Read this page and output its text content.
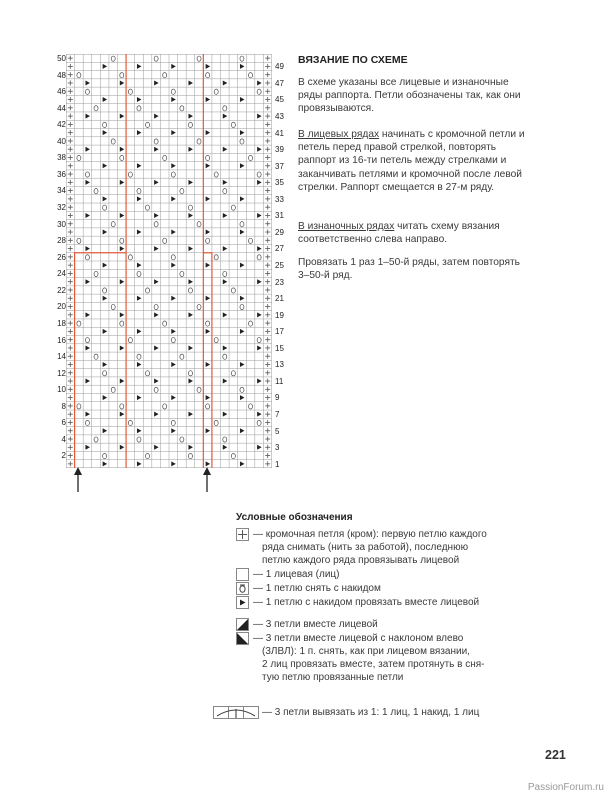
50
48
46
44
42
40
38
36
34
32
30
28
26
24
22
20
18
16
14
12
10
8
6
4
2
49
47
45
43
41
39
37
35
33
31
29
27
25
23
21
19
17
15
13
11
9
7
5
3
1
ВЯЗАНИЕ ПО СХЕМЕ

В схеме указаны все лицевые и изнаночные ряды раппорта. Петли обозначены так, как они провязываются.

В лицевых рядах начинать с кромочной петли и петель перед правой стрелкой, повторять раппорт из 16-ти петель между стрелками и заканчивать петлями и кромочной после левой стрелки. Раппорт смещается в 27-м ряду.

В изнаночных рядах читать схему вязания соответственно слева направо.

Провязать 1 раз 1–50-й ряды, затем повторять 3–50-й ряд.

Условные обозначения
— кромочная петля (кром): первую петлю каждого
ряда снимать (нить за работой), последнюю
петлю каждого ряда провязывать лицевой
— 1 лицевая (лиц)
— 1 петлю снять с накидом
— 1 петлю с накидом провязать вместе лицевой
— 3 петли вместе лицевой
— 3 петли вместе лицевой с наклоном влево
(3ЛВЛ): 1 п. снять, как при лицевом вязании,
2 лиц провязать вместе, затем протянуть в сня-
тую петлю провязанные петли
— 3 петли вывязать из 1: 1 лиц, 1 накид, 1 лиц
221
PassionForum.ru
